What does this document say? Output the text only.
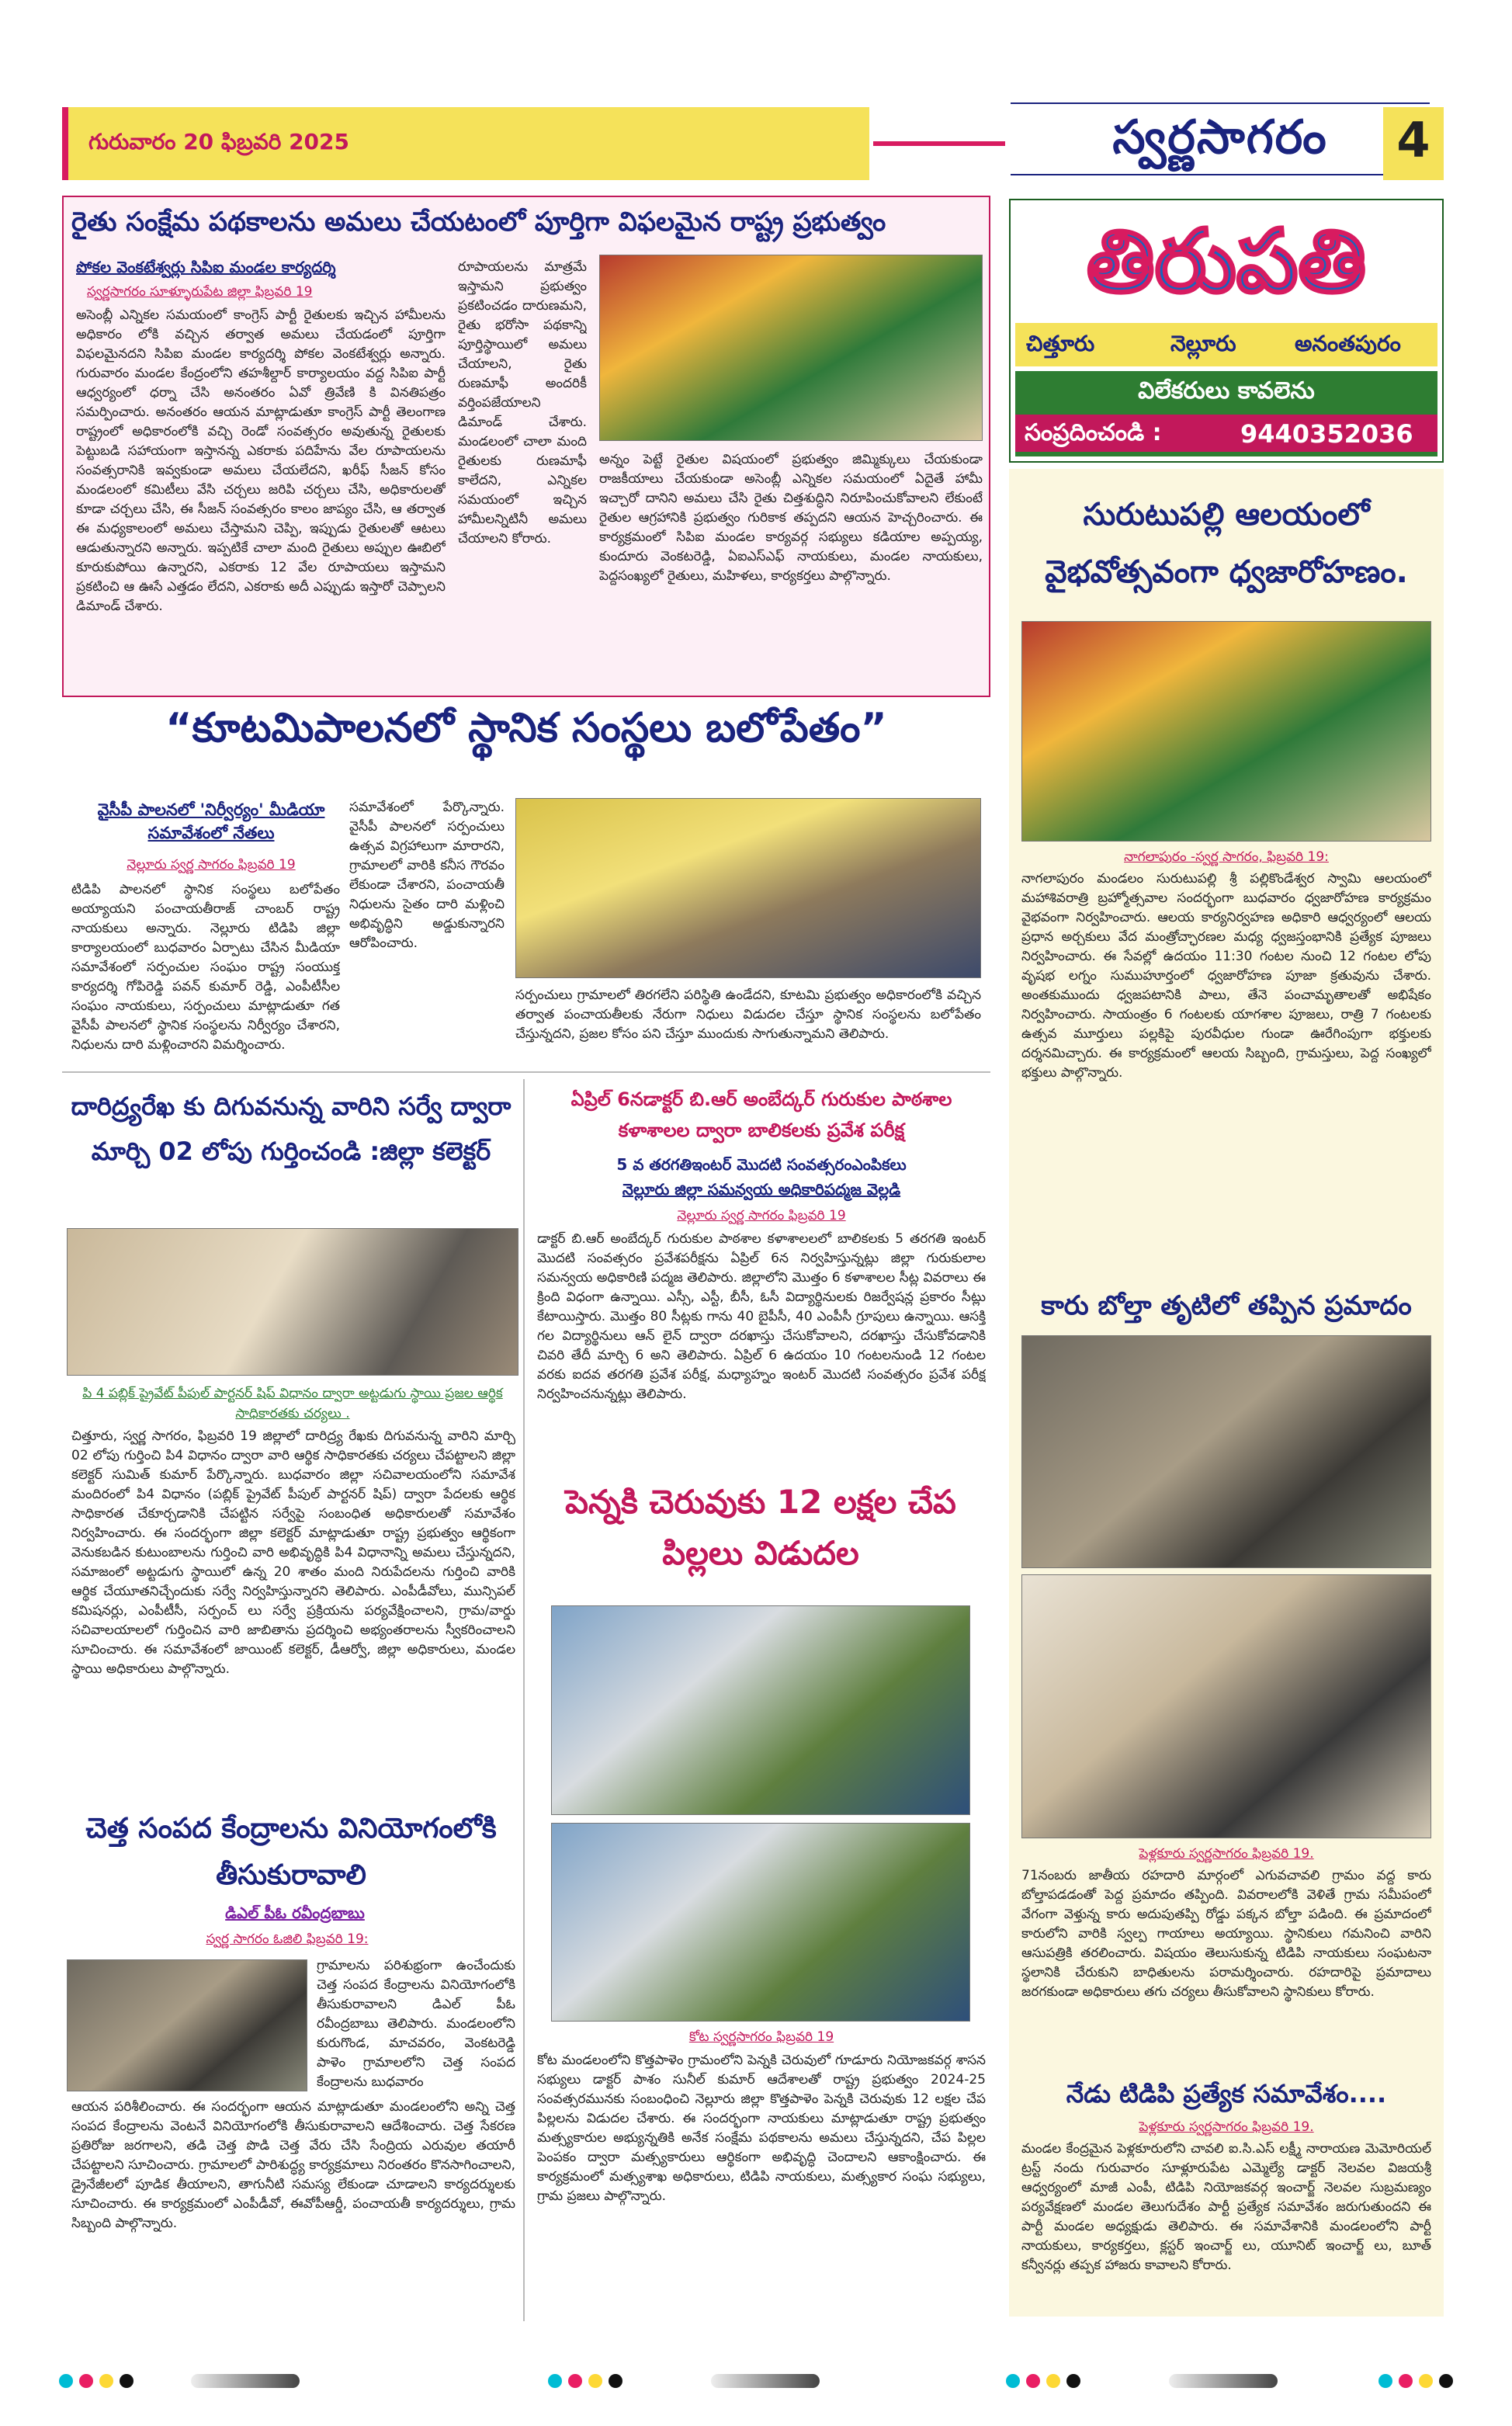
గురువారం 20 ఫిబ్రవరి 2025	స్వర్ణసాగరం	4
తిరుపతి
చిత్తూరు	నెల్లూరు	అనంతపురం
విలేకరులు కావలెను
సంప్రదించండి :	9440352036
రైతు సంక్షేమ పథకాలను అమలు చేయటంలో పూర్తిగా విఫలమైన రాష్ట్ర ప్రభుత్వం
పోకల వెంకటేశ్వర్లు సిపిఐ మండల కార్యదర్శి
స్వర్ణసాగరం సూళ్ళూరుపేట జిల్లా ఫిబ్రవరి 19
అసెంబ్లీ ఎన్నికల సమయంలో కాంగ్రెస్ పార్టీ రైతులకు ఇచ్చిన హామీలను అధికారం లోకి వచ్చిన తర్వాత అమలు చేయడంలో పూర్తిగా విఫలమైనదని సిపిఐ మండల కార్యదర్శి పోకల వెంకటేశ్వర్లు అన్నారు. గురువారం మండల కేంద్రంలోని తహశీల్దార్ కార్యాలయం వద్ద సిపిఐ పార్టీ ఆధ్వర్యంలో ధర్నా చేసి అనంతరం ఏవో త్రివేణి కి వినతిపత్రం సమర్పించారు. అనంతరం ఆయన మాట్లాడుతూ కాంగ్రెస్ పార్టీ తెలంగాణ రాష్ట్రంలో అధికారంలోకి వచ్చి రెండో సంవత్సరం అవుతున్న రైతులకు పెట్టుబడి సహాయంగా ఇస్తానన్న ఎకరాకు పదిహేను వేల రూపాయలను సంవత్సరానికి ఇవ్వకుండా అమలు చేయలేదని, ఖరీఫ్ సీజన్ కోసం మండలంలో కమిటీలు వేసి చర్చలు జరిపి చర్చలు చేసి, అధికారులతో కూడా చర్చలు చేసి, ఈ సీజన్ సంవత్సరం కాలం జాప్యం చేసి, ఆ తర్వాత ఈ మధ్యకాలంలో అమలు చేస్తామని చెప్పి, ఇప్పుడు రైతులతో ఆటలు ఆడుతున్నారని అన్నారు. ఇప్పటికే చాలా మంది రైతులు అప్పుల ఊబిలో కూరుకుపోయి ఉన్నారని, ఎకరాకు 12 వేల రూపాయలు ఇస్తామని ప్రకటించి ఆ ఊసే ఎత్తడం లేదని, ఎకరాకు అదీ ఎప్పుడు ఇస్తారో చెప్పాలని డిమాండ్ చేశారు.
రూపాయలను మాత్రమే ఇస్తామని ప్రభుత్వం ప్రకటించడం దారుణమని, రైతు భరోసా పథకాన్ని పూర్తిస్థాయిలో అమలు చేయాలని, రైతు రుణమాఫీ అందరికీ వర్తింపజేయాలని డిమాండ్ చేశారు. మండలంలో చాలా మంది రైతులకు రుణమాఫీ కాలేదని, ఎన్నికల సమయంలో ఇచ్చిన హామీలన్నిటినీ అమలు చేయాలని కోరారు.
అన్నం పెట్టే రైతుల విషయంలో ప్రభుత్వం జిమ్మిక్కులు చేయకుండా రాజకీయాలు చేయకుండా అసెంబ్లీ ఎన్నికల సమయంలో ఏదైతే హామీ ఇచ్చారో దానిని అమలు చేసి రైతు చిత్తశుద్ధిని నిరూపించుకోవాలని లేకుంటే రైతుల ఆగ్రహానికి ప్రభుత్వం గురికాక తప్పదని ఆయన హెచ్చరించారు. ఈ కార్యక్రమంలో సిపిఐ మండల కార్యవర్గ సభ్యులు కడియాల అప్పయ్య, కుందూరు వెంకటరెడ్డి, ఏఐఎస్ఎఫ్ నాయకులు, మండల నాయకులు, పెద్దసంఖ్యలో రైతులు, మహిళలు, కార్యకర్తలు పాల్గొన్నారు.
“కూటమిపాలనలో స్థానిక సంస్థలు బలోపేతం”
వైసీపీ పాలనలో 'నిర్వీర్యం' మీడియా సమావేశంలో నేతలు
నెల్లూరు స్వర్ణ సాగరం ఫిబ్రవరి 19
టిడిపి పాలనలో స్థానిక సంస్థలు బలోపేతం అయ్యాయని పంచాయతీరాజ్ చాంబర్ రాష్ట్ర నాయకులు అన్నారు. నెల్లూరు టిడిపి జిల్లా కార్యాలయంలో బుధవారం ఏర్పాటు చేసిన మీడియా సమావేశంలో సర్పంచుల సంఘం రాష్ట్ర సంయుక్త కార్యదర్శి గోపిరెడ్డి పవన్ కుమార్ రెడ్డి, ఎంపీటీసీల సంఘం నాయకులు, సర్పంచులు మాట్లాడుతూ గత వైసీపీ పాలనలో స్థానిక సంస్థలను నిర్వీర్యం చేశారని, నిధులను దారి మళ్లించారని విమర్శించారు.
సమావేశంలో పేర్కొన్నారు. వైసీపీ పాలనలో సర్పంచులు ఉత్సవ విగ్రహాలుగా మారారని, గ్రామాలలో వారికి కనీస గౌరవం లేకుండా చేశారని, పంచాయతీ నిధులను సైతం దారి మళ్లించి అభివృద్ధిని అడ్డుకున్నారని ఆరోపించారు.
సర్పంచులు గ్రామాలలో తిరగలేని పరిస్థితి ఉండేదని, కూటమి ప్రభుత్వం అధికారంలోకి వచ్చిన తర్వాత పంచాయతీలకు నేరుగా నిధులు విడుదల చేస్తూ స్థానిక సంస్థలను బలోపేతం చేస్తున్నదని, ప్రజల కోసం పని చేస్తూ ముందుకు సాగుతున్నామని తెలిపారు.
దారిద్ర్యరేఖ కు దిగువనున్న వారిని సర్వే ద్వారా మార్చి 02 లోపు గుర్తించండి :జిల్లా కలెక్టర్
పి 4 పబ్లిక్ ప్రైవేట్ పీపుల్ పార్టనర్ షిప్ విధానం ద్వారా అట్టడుగు స్థాయి ప్రజల ఆర్థిక సాధికారతకు చర్యలు .
చిత్తూరు, స్వర్ణ సాగరం, ఫిబ్రవరి 19 జిల్లాలో దారిద్ర్య రేఖకు దిగువనున్న వారిని మార్చి 02 లోపు గుర్తించి పి4 విధానం ద్వారా వారి ఆర్థిక సాధికారతకు చర్యలు చేపట్టాలని జిల్లా కలెక్టర్ సుమిత్ కుమార్ పేర్కొన్నారు. బుధవారం జిల్లా సచివాలయంలోని సమావేశ మందిరంలో పి4 విధానం (పబ్లిక్ ప్రైవేట్ పీపుల్ పార్టనర్ షిప్) ద్వారా పేదలకు ఆర్థిక సాధికారత చేకూర్చడానికి చేపట్టిన సర్వేపై సంబంధిత అధికారులతో సమావేశం నిర్వహించారు. ఈ సందర్భంగా జిల్లా కలెక్టర్ మాట్లాడుతూ రాష్ట్ర ప్రభుత్వం ఆర్థికంగా వెనుకబడిన కుటుంబాలను గుర్తించి వారి అభివృద్ధికి పి4 విధానాన్ని అమలు చేస్తున్నదని, సమాజంలో అట్టడుగు స్థాయిలో ఉన్న 20 శాతం మంది నిరుపేదలను గుర్తించి వారికి ఆర్థిక చేయూతనిచ్చేందుకు సర్వే నిర్వహిస్తున్నారని తెలిపారు. ఎంపీడీవోలు, మున్సిపల్ కమిషనర్లు, ఎంపీటీసీ, సర్పంచ్ లు సర్వే ప్రక్రియను పర్యవేక్షించాలని, గ్రామ/వార్డు సచివాలయాలలో గుర్తించిన వారి జాబితాను ప్రదర్శించి అభ్యంతరాలను స్వీకరించాలని సూచించారు. ఈ సమావేశంలో జాయింట్ కలెక్టర్, డీఆర్వో, జిల్లా అధికారులు, మండల స్థాయి అధికారులు పాల్గొన్నారు.
చెత్త సంపద కేంద్రాలను వినియోగంలోకి తీసుకురావాలి
డిఎల్ పీఓ రవీంద్రబాబు
స్వర్ణ సాగరం ఓజిలి ఫిబ్రవరి 19:
గ్రామాలను పరిశుభ్రంగా ఉంచేందుకు చెత్త సంపద కేంద్రాలను వినియోగంలోకి తీసుకురావాలని డిఎల్ పీఓ రవీంద్రబాబు తెలిపారు. మండలంలోని కురుగొండ, మాచవరం, వెంకటరెడ్డి పాళెం గ్రామాలలోని చెత్త సంపద కేంద్రాలను బుధవారం
ఆయన పరిశీలించారు. ఈ సందర్భంగా ఆయన మాట్లాడుతూ మండలంలోని అన్ని చెత్త సంపద కేంద్రాలను వెంటనే వినియోగంలోకి తీసుకురావాలని ఆదేశించారు. చెత్త సేకరణ ప్రతిరోజు జరగాలని, తడి చెత్త పొడి చెత్త వేరు చేసి సేంద్రియ ఎరువుల తయారీ చేపట్టాలని సూచించారు. గ్రామాలలో పారిశుద్ధ్య కార్యక్రమాలు నిరంతరం కొనసాగించాలని, డ్రైనేజీలలో పూడిక తీయాలని, తాగునీటి సమస్య లేకుండా చూడాలని కార్యదర్శులకు సూచించారు. ఈ కార్యక్రమంలో ఎంపీడీవో, ఈవోపీఆర్డీ, పంచాయతీ కార్యదర్శులు, గ్రామ సిబ్బంది పాల్గొన్నారు.
ఏప్రిల్ 6నడాక్టర్ బి.ఆర్ అంబేద్కర్ గురుకుల పాఠశాల కళాశాలల ద్వారా బాలికలకు ప్రవేశ పరీక్ష
5 వ తరగతిఇంటర్ మొదటి సంవత్సరంఎంపికలు
నెల్లూరు జిల్లా సమన్వయ అధికారిపద్మజ వెల్లడి
నెల్లూరు స్వర్ణ సాగరం ఫిబ్రవరి 19
డాక్టర్ బి.ఆర్ అంబేద్కర్ గురుకుల పాఠశాల కళాశాలలలో బాలికలకు 5 తరగతి ఇంటర్ మొదటి సంవత్సరం ప్రవేశపరీక్షను ఏప్రిల్ 6న నిర్వహిస్తున్నట్లు జిల్లా గురుకులాల సమన్వయ అధికారిణి పద్మజ తెలిపారు. జిల్లాలోని మొత్తం 6 కళాశాలల సీట్ల వివరాలు ఈ క్రింది విధంగా ఉన్నాయి. ఎస్సీ, ఎస్టీ, బీసీ, ఓసీ విద్యార్థినులకు రిజర్వేషన్ల ప్రకారం సీట్లు కేటాయిస్తారు. మొత్తం 80 సీట్లకు గాను 40 బైపీసీ, 40 ఎంపీసీ గ్రూపులు ఉన్నాయి. ఆసక్తి గల విద్యార్థినులు ఆన్ లైన్ ద్వారా దరఖాస్తు చేసుకోవాలని, దరఖాస్తు చేసుకోవడానికి చివరి తేదీ మార్చి 6 అని తెలిపారు. ఏప్రిల్ 6 ఉదయం 10 గంటలనుండి 12 గంటల వరకు ఐదవ తరగతి ప్రవేశ పరీక్ష, మధ్యాహ్నం ఇంటర్ మొదటి సంవత్సరం ప్రవేశ పరీక్ష నిర్వహించనున్నట్లు తెలిపారు.
పెన్నకి చెరువుకు 12 లక్షల చేప పిల్లలు విడుదల
కోట స్వర్ణసాగరం ఫిబ్రవరి 19
కోట మండలంలోని కొత్తపాళెం గ్రామంలోని పెన్నకి చెరువులో గూడూరు నియోజకవర్గ శాసన సభ్యులు డాక్టర్ పాశం సునీల్ కుమార్ ఆదేశాలతో రాష్ట్ర ప్రభుత్వం 2024-25 సంవత్సరమునకు సంబంధించి నెల్లూరు జిల్లా కొత్తపాళెం పెన్నకి చెరువుకు 12 లక్షల చేప పిల్లలను విడుదల చేశారు. ఈ సందర్భంగా నాయకులు మాట్లాడుతూ రాష్ట్ర ప్రభుత్వం మత్స్యకారుల అభ్యున్నతికి అనేక సంక్షేమ పథకాలను అమలు చేస్తున్నదని, చేప పిల్లల పెంపకం ద్వారా మత్స్యకారులు ఆర్థికంగా అభివృద్ధి చెందాలని ఆకాంక్షించారు. ఈ కార్యక్రమంలో మత్స్యశాఖ అధికారులు, టిడిపి నాయకులు, మత్స్యకార సంఘ సభ్యులు, గ్రామ ప్రజలు పాల్గొన్నారు.
సురుటుపల్లి ఆలయంలో వైభవోత్సవంగా ధ్వజారోహణం.
నాగలాపురం -స్వర్ణ సాగరం, ఫిబ్రవరి 19:
నాగలాపురం మండలం సురుటుపల్లి శ్రీ పల్లికొండేశ్వర స్వామి ఆలయంలో మహాశివరాత్రి బ్రహ్మోత్సవాల సందర్భంగా బుధవారం ధ్వజారోహణ కార్యక్రమం వైభవంగా నిర్వహించారు. ఆలయ కార్యనిర్వహణ అధికారి ఆధ్వర్యంలో ఆలయ ప్రధాన అర్చకులు వేద మంత్రోచ్ఛారణల మధ్య ధ్వజస్తంభానికి ప్రత్యేక పూజలు నిర్వహించారు. ఈ సేవల్లో ఉదయం 11:30 గంటల నుంచి 12 గంటల లోపు వృషభ లగ్నం సుముహూర్తంలో ధ్వజారోహణ పూజా క్రతువును చేశారు. అంతకుముందు ధ్వజపటానికి పాలు, తేనె పంచామృతాలతో అభిషేకం నిర్వహించారు. సాయంత్రం 6 గంటలకు యాగశాల పూజలు, రాత్రి 7 గంటలకు ఉత్సవ మూర్తులు పల్లకిపై పురవీధుల గుండా ఊరేగింపుగా భక్తులకు దర్శనమిచ్చారు. ఈ కార్యక్రమంలో ఆలయ సిబ్బంది, గ్రామస్తులు, పెద్ద సంఖ్యలో భక్తులు పాల్గొన్నారు.
కారు బోల్తా తృటిలో తప్పిన ప్రమాదం
పెళ్లకూరు స్వర్ణసాగరం ఫిబ్రవరి 19.
71నంబరు జాతీయ రహదారి మార్గంలో ఎగువచావలి గ్రామం వద్ద కారు బోల్తాపడడంతో పెద్ద ప్రమాదం తప్పింది. వివరాలలోకి వెళితే గ్రామ సమీపంలో వేగంగా వెళ్తున్న కారు అదుపుతప్పి రోడ్డు పక్కన బోల్తా పడింది. ఈ ప్రమాదంలో కారులోని వారికి స్వల్ప గాయాలు అయ్యాయి. స్థానికులు గమనించి వారిని ఆసుపత్రికి తరలించారు. విషయం తెలుసుకున్న టిడిపి నాయకులు సంఘటనా స్థలానికి చేరుకుని బాధితులను పరామర్శించారు. రహదారిపై ప్రమాదాలు జరగకుండా అధికారులు తగు చర్యలు తీసుకోవాలని స్థానికులు కోరారు.
నేడు టిడిపి ప్రత్యేక సమావేశం....
పెళ్లకూరు స్వర్ణసాగరం ఫిబ్రవరి 19.
మండల కేంద్రమైన పెళ్లకూరులోని చావలి ఐ.సి.ఎస్ లక్ష్మీ నారాయణ మెమోరియల్ ట్రస్ట్ నందు గురువారం సూళ్లూరుపేట ఎమ్మెల్యే డాక్టర్ నెలవల విజయశ్రీ ఆధ్వర్యంలో మాజీ ఎంపీ, టిడిపి నియోజకవర్గ ఇంచార్జ్ నెలవల సుబ్రమణ్యం పర్యవేక్షణలో మండల తెలుగుదేశం పార్టీ ప్రత్యేక సమావేశం జరుగుతుందని ఈ పార్టీ మండల అధ్యక్షుడు తెలిపారు. ఈ సమావేశానికి మండలంలోని పార్టీ నాయకులు, కార్యకర్తలు, క్లస్టర్ ఇంచార్జ్ లు, యూనిట్ ఇంచార్జ్ లు, బూత్ కన్వీనర్లు తప్పక హాజరు కావాలని కోరారు.
